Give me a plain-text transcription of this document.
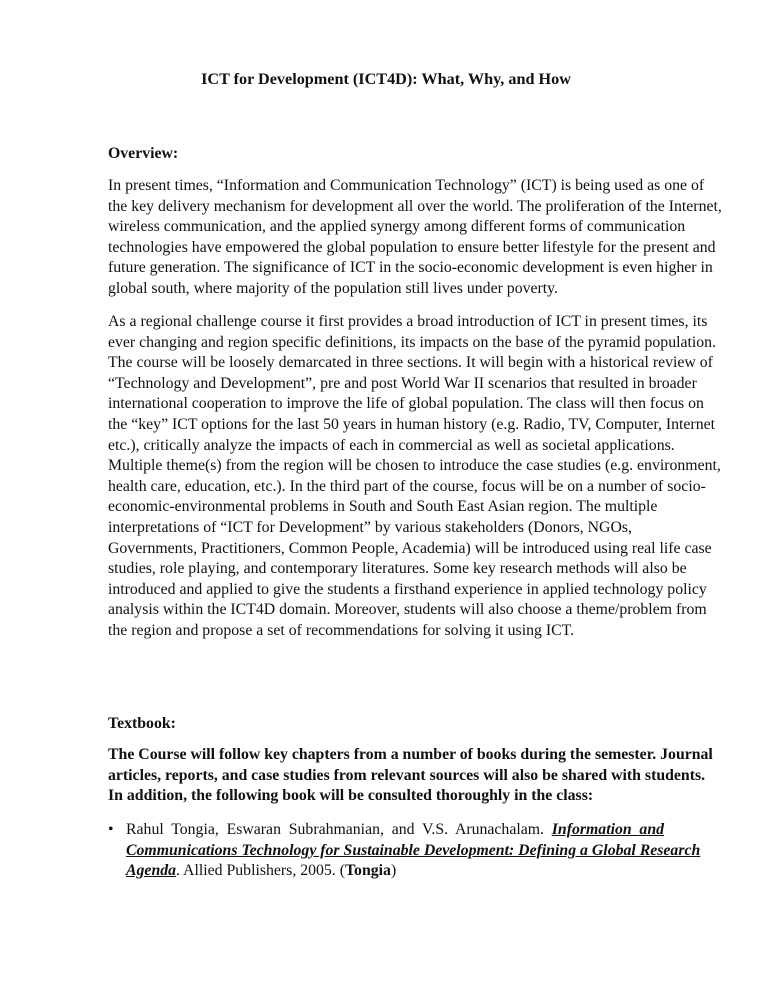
ICT for Development (ICT4D): What, Why, and How
Overview:
In present times, “Information and Communication Technology” (ICT) is being used as one of
the key delivery mechanism for development all over the world. The proliferation of the Internet,
wireless communication, and the applied synergy among different forms of communication
technologies have empowered the global population to ensure better lifestyle for the present and
future generation. The significance of ICT in the socio-economic development is even higher in
global south, where majority of the population still lives under poverty.
As a regional challenge course it first provides a broad introduction of ICT in present times, its
ever changing and region specific definitions, its impacts on the base of the pyramid population.
The course will be loosely demarcated in three sections. It will begin with a historical review of
“Technology and Development”, pre and post World War II scenarios that resulted in broader
international cooperation to improve the life of global population. The class will then focus on
the “key” ICT options for the last 50 years in human history (e.g. Radio, TV, Computer, Internet
etc.), critically analyze the impacts of each in commercial as well as societal applications.
Multiple theme(s) from the region will be chosen to introduce the case studies (e.g. environment,
health care, education, etc.). In the third part of the course, focus will be on a number of socio-
economic-environmental problems in South and South East Asian region. The multiple
interpretations of “ICT for Development” by various stakeholders (Donors, NGOs,
Governments, Practitioners, Common People, Academia) will be introduced using real life case
studies, role playing, and contemporary literatures. Some key research methods will also be
introduced and applied to give the students a firsthand experience in applied technology policy
analysis within the ICT4D domain. Moreover, students will also choose a theme/problem from
the region and propose a set of recommendations for solving it using ICT.
Textbook:
The Course will follow key chapters from a number of books during the semester. Journal
articles, reports, and case studies from relevant sources will also be shared with students.
In addition, the following book will be consulted thoroughly in the class:
• Rahul Tongia, Eswaran Subrahmanian, and V.S. Arunachalam. Information and
Communications Technology for Sustainable Development: Defining a Global Research
Agenda. Allied Publishers, 2005. (Tongia)
